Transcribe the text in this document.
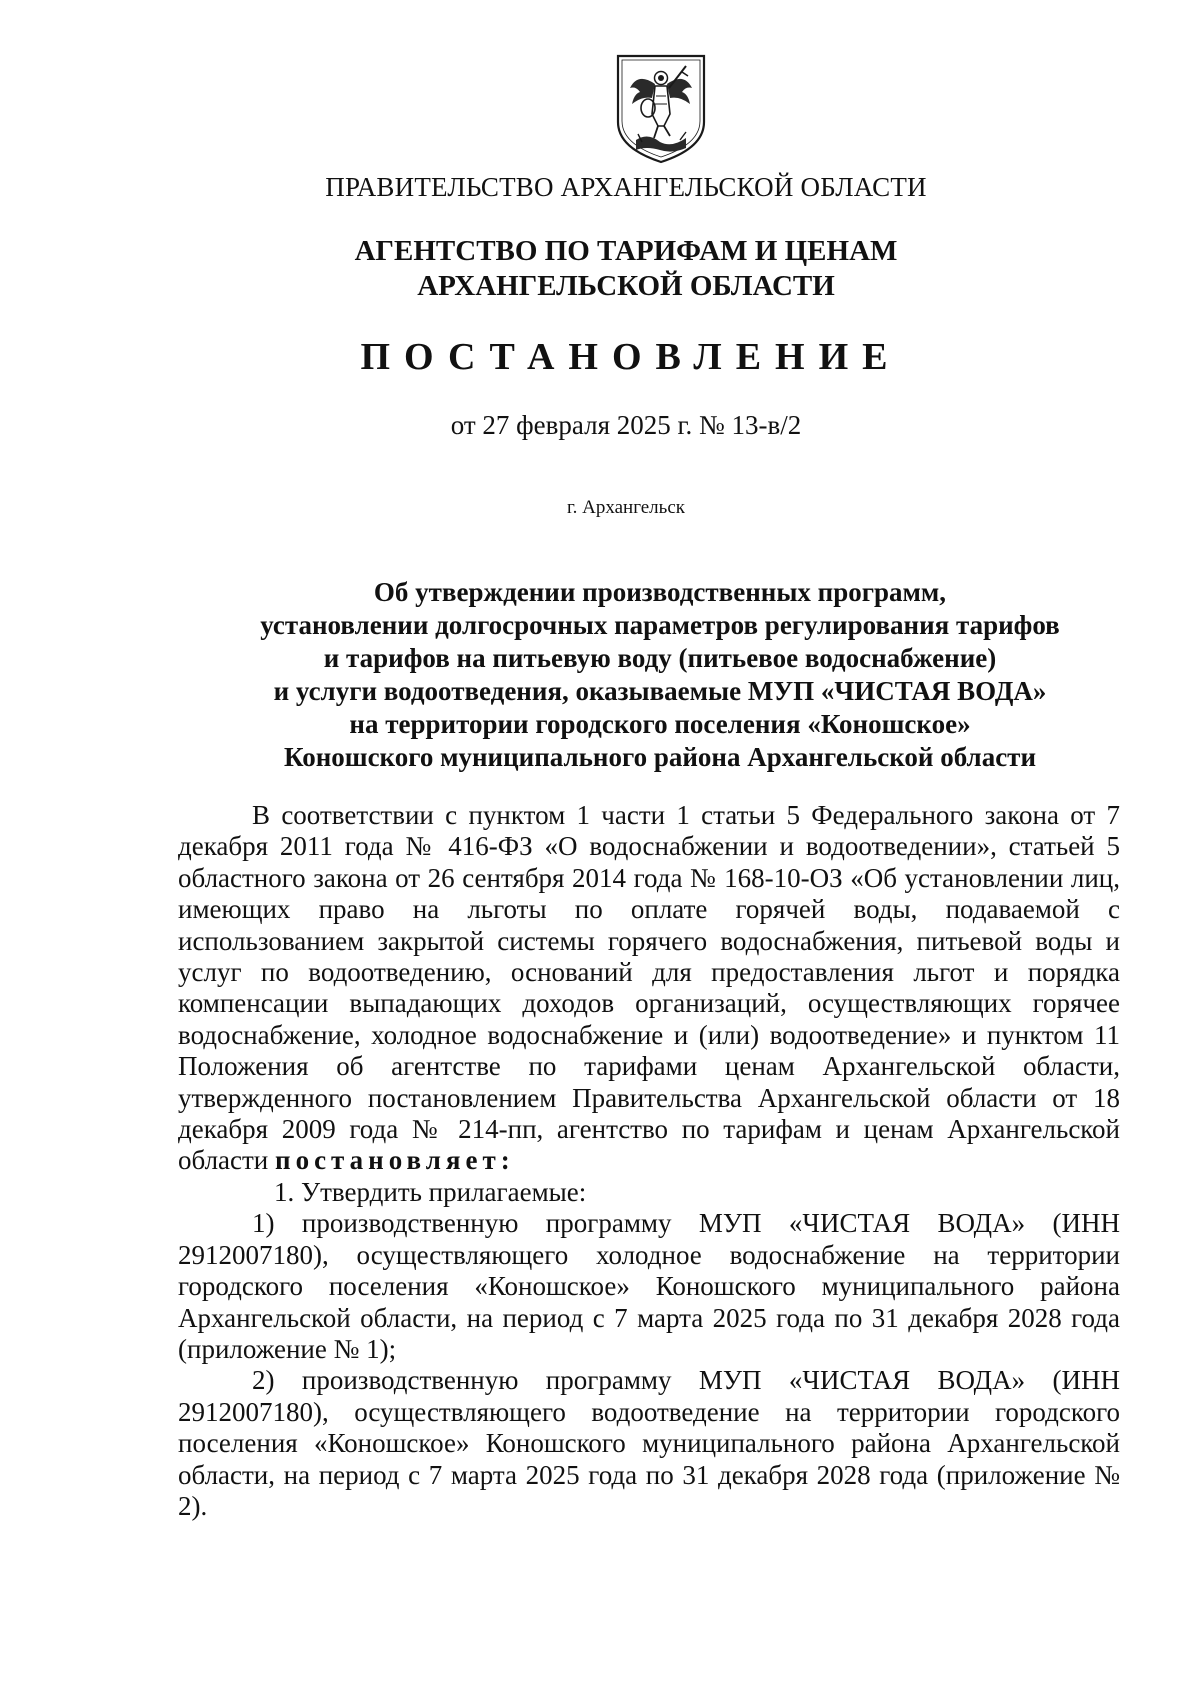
ПРАВИТЕЛЬСТВО АРХАНГЕЛЬСКОЙ ОБЛАСТИ
АГЕНТСТВО ПО ТАРИФАМ И ЦЕНАМ
АРХАНГЕЛЬСКОЙ ОБЛАСТИ
ПОСТАНОВЛЕНИЕ
от 27 февраля 2025 г. № 13-в/2
г. Архангельск
Об утверждении производственных программ,
установлении долгосрочных параметров регулирования тарифов
и тарифов на питьевую воду (питьевое водоснабжение)
и услуги водоотведения, оказываемые МУП «ЧИСТАЯ ВОДА»
на территории городского поселения «Коношское»
Коношского муниципального района Архангельской области

В соответствии с пунктом 1 части 1 статьи 5 Федерального закона от 7 декабря 2011 года № 416-ФЗ «О водоснабжении и водоотведении», статьей 5 областного закона от 26 сентября 2014 года № 168-10-ОЗ «Об установлении лиц, имеющих право на льготы по оплате горячей воды, подаваемой с использованием закрытой системы горячего водоснабжения, питьевой воды и услуг по водоотведению, оснований для предоставления льгот и порядка компенсации выпадающих доходов организаций, осуществляющих горячее водоснабжение, холодное водоснабжение и (или) водоотведение» и пунктом 11 Положения об агентстве по тарифами ценам Архангельской области, утвержденного постановлением Правительства Архангельской области от 18 декабря 2009 года № 214-пп, агентство по тарифам и ценам Архангельской области постановляет:

1. Утвердить прилагаемые:

1) производственную программу МУП «ЧИСТАЯ ВОДА» (ИНН 2912007180), осуществляющего холодное водоснабжение на территории городского поселения «Коношское» Коношского муниципального района Архангельской области, на период с 7 марта 2025 года по 31 декабря 2028 года (приложение № 1);

2) производственную программу МУП «ЧИСТАЯ ВОДА» (ИНН 2912007180), осуществляющего водоотведение на территории городского поселения «Коношское» Коношского муниципального района Архангельской области, на период с 7 марта 2025 года по 31 декабря 2028 года (приложение № 2).
